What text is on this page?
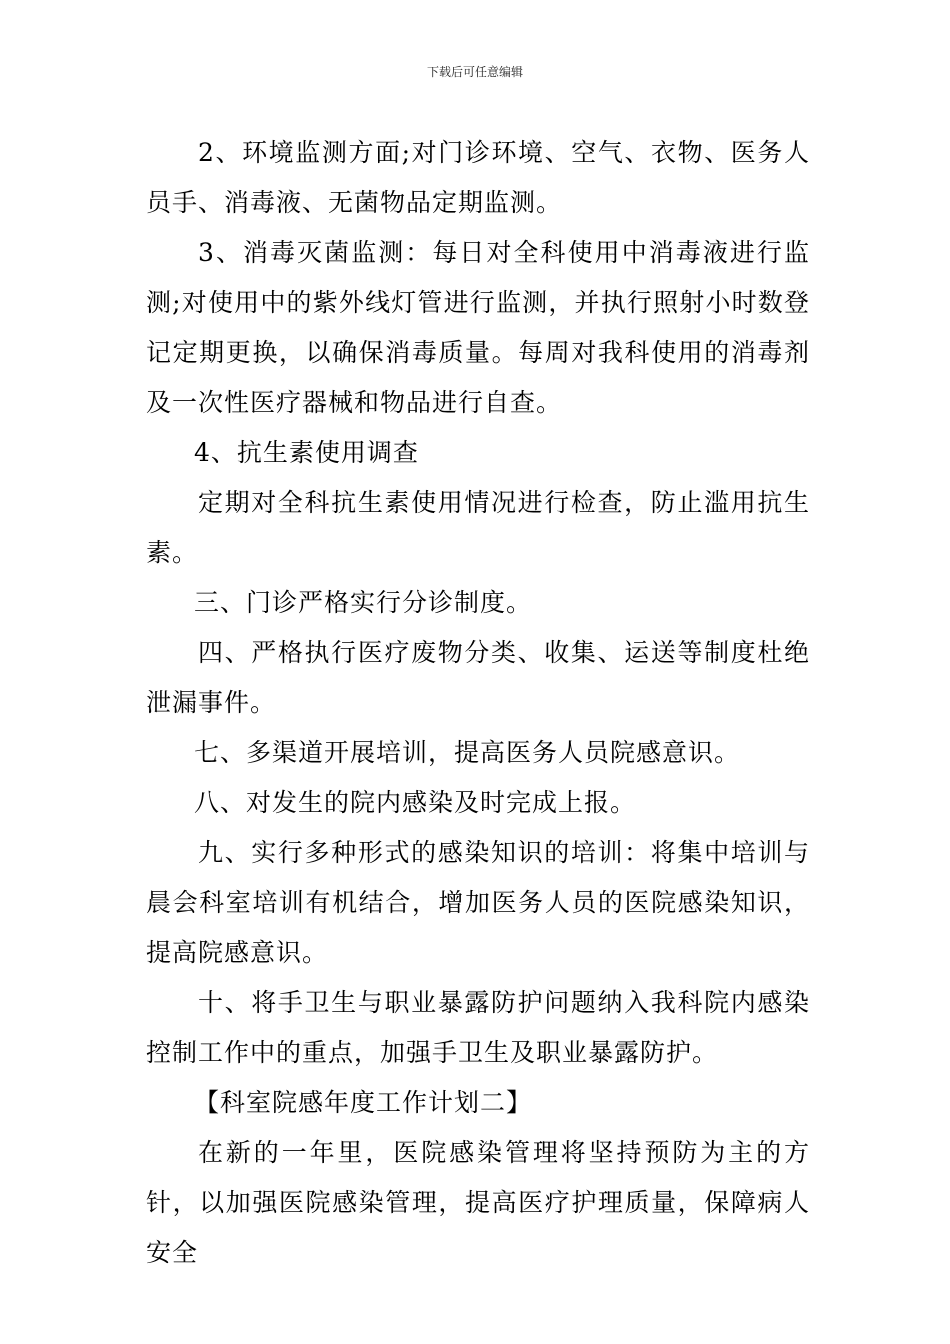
下载后可任意编辑

2、环境监测方面;对门诊环境、空气、衣物、医务人员手、消毒液、无菌物品定期监测。

3、消毒灭菌监测：每日对全科使用中消毒液进行监测;对使用中的紫外线灯管进行监测，并执行照射小时数登记定期更换，以确保消毒质量。每周对我科使用的消毒剂及一次性医疗器械和物品进行自查。

4、抗生素使用调查

定期对全科抗生素使用情况进行检查，防止滥用抗生素。

三、门诊严格实行分诊制度。

四、严格执行医疗废物分类、收集、运送等制度杜绝泄漏事件。

七、多渠道开展培训，提高医务人员院感意识。

八、对发生的院内感染及时完成上报。

九、实行多种形式的感染知识的培训：将集中培训与晨会科室培训有机结合，增加医务人员的医院感染知识，提高院感意识。

十、将手卫生与职业暴露防护问题纳入我科院内感染控制工作中的重点，加强手卫生及职业暴露防护。

【科室院感年度工作计划二】

在新的一年里，医院感染管理将坚持预防为主的方针，以加强医院感染管理，提高医疗护理质量，保障病人安全
